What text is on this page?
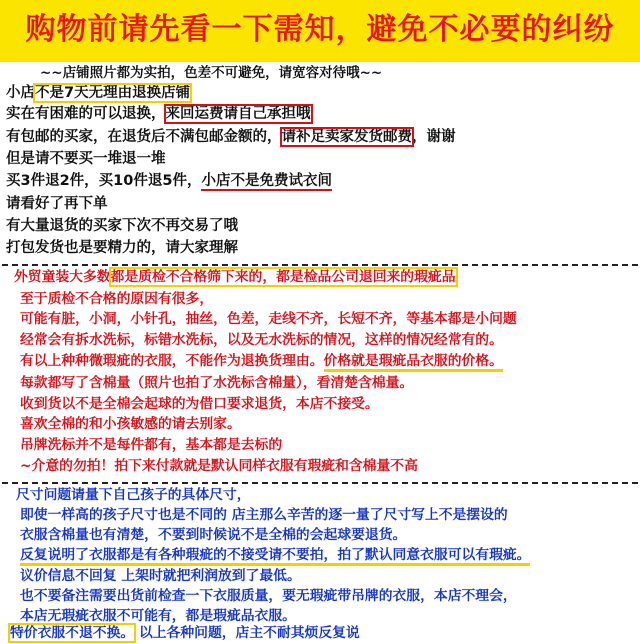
购物前请先看一下需知，避免不必要的纠纷
~~店铺照片都为实拍，色差不可避免，请宽容对待哦~~
小店不是7天无理由退换店铺
实在有困难的可以退换，来回运费请自己承担哦
有包邮的买家，在退货后不满包邮金额的，请补足卖家发货邮费，谢谢
但是请不要买一堆退一堆
买3件退2件，买10件退5件，小店不是免费试衣间
请看好了再下单
有大量退货的买家下次不再交易了哦
打包发货也是要精力的，请大家理解
外贸童装大多数都是质检不合格筛下来的，都是检品公司退回来的瑕疵品
至于质检不合格的原因有很多，
可能有脏，小洞，小针孔，抽丝，色差，走线不齐，长短不齐，等基本都是小问题
经常会有拆水洗标，标错水洗标，以及无水洗标的情况，这样的情况经常有的。
有以上种种微瑕疵的衣服，不能作为退换货理由。价格就是瑕疵品衣服的价格。
每款都写了含棉量（照片也拍了水洗标含棉量），看清楚含棉量。
收到货以不是全棉会起球的为借口要求退货，本店不接受。
喜欢全棉的和小孩敏感的请去别家。
吊牌洗标并不是每件都有，基本都是去标的
~介意的勿拍！拍下来付款就是默认同样衣服有瑕疵和含棉量不高
尺寸问题请量下自己孩子的具体尺寸，
即使一样高的孩子尺寸也是不同的 店主那么辛苦的逐一量了尺寸写上不是摆设的
衣服含棉量也有清楚，不要到时候说不是全棉的会起球要退货。
反复说明了衣服都是有各种瑕疵的不接受请不要拍，拍了默认同意衣服可以有瑕疵。
议价信息不回复 上架时就把利润放到了最低。
也不要备注需要出货前检查一下衣服质量，要无瑕疵带吊牌的衣服，本店不理会，
本店无瑕疵衣服不可能有，都是瑕疵品衣服。
特价衣服不退不换。 以上各种问题，店主不耐其烦反复说
